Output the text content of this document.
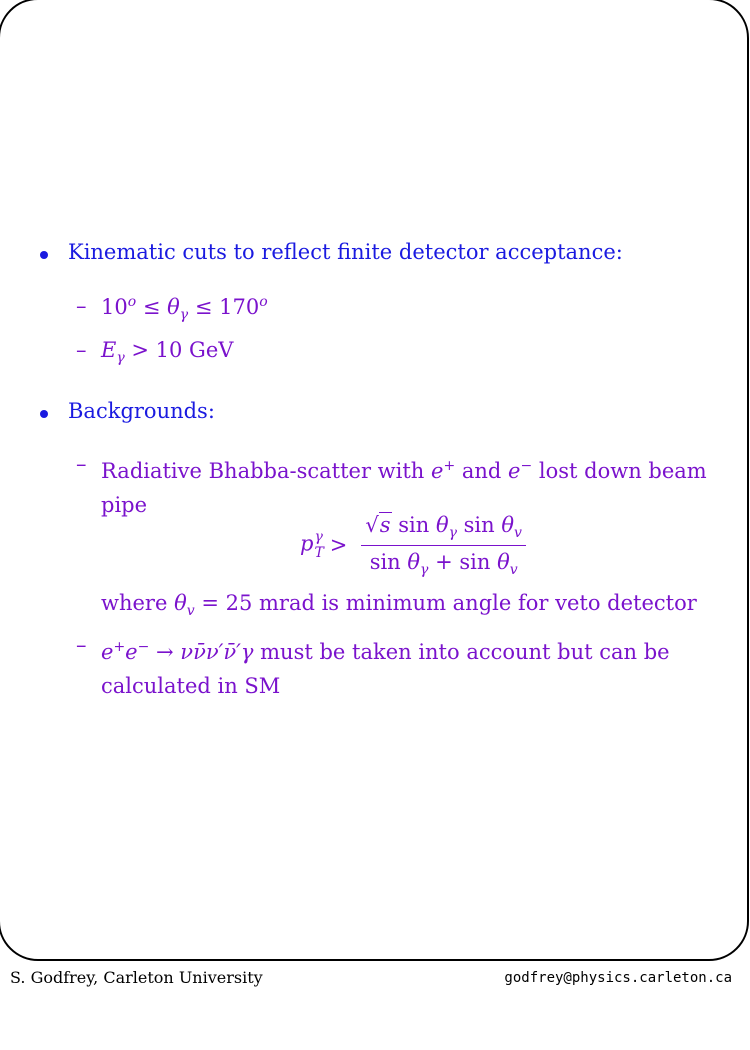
Kinematic cuts to reflect finite detector acceptance:
– $10^o \le \theta_\gamma \le 170^o$
– $E_\gamma > 10$ GeV
Backgrounds:
– Radiative Bhabba-scatter with e+ and e− lost down beam pipe
p γ
$T > \frac{√s \sin \theta_\gamma \sin \theta_v}{\sin \theta_\gamma + \sin \theta_v}$
where $\theta_v = 25$ mrad is minimum angle for veto detector
– e+e− → νν̄ν′ν̄′γ must be taken into account but can be calculated in SM
S. Godfrey, Carleton University	godfrey@physics.carleton.ca
